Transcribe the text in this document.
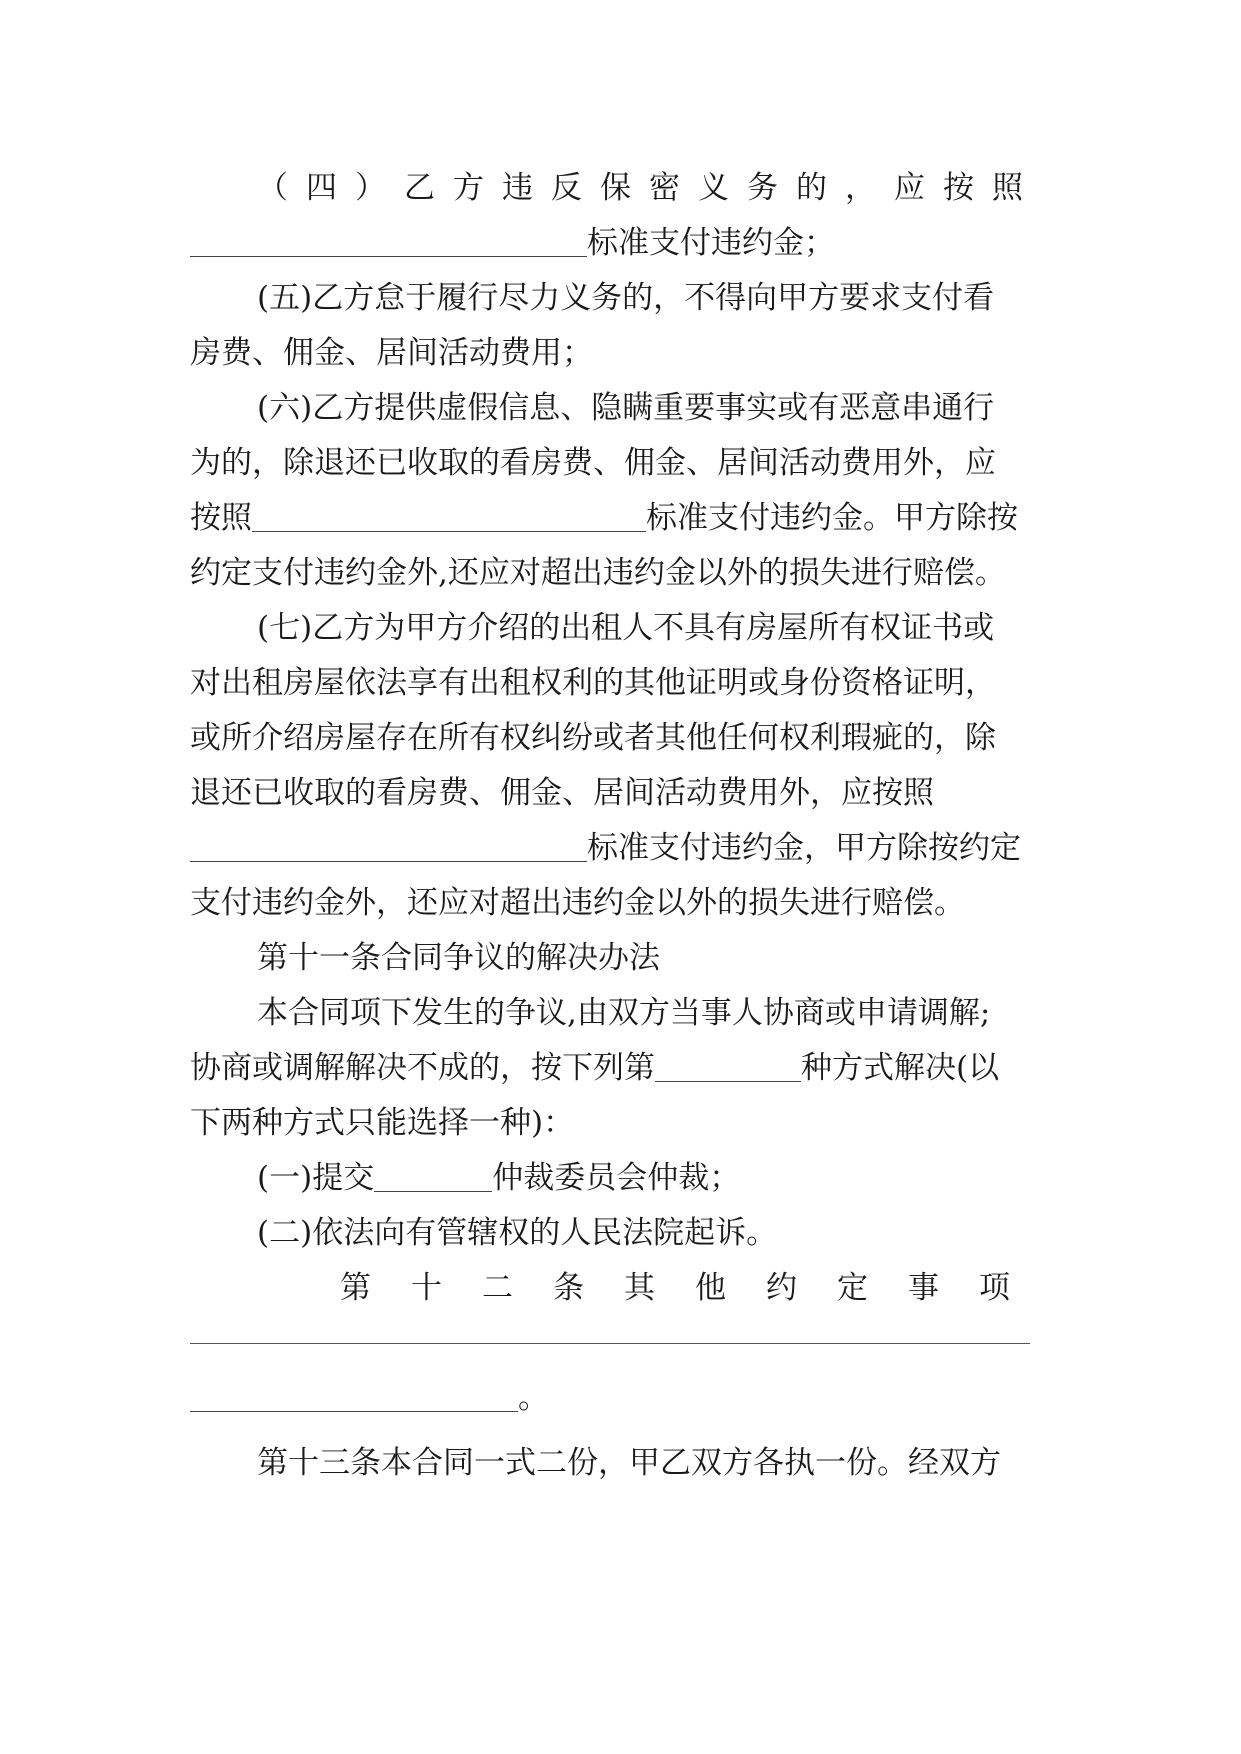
（四）乙方违反保密义务的，应按照
标准支付违约金；
(五)乙方怠于履行尽力义务的，不得向甲方要求支付看
房费、佣金、居间活动费用；
(六)乙方提供虚假信息、隐瞒重要事实或有恶意串通行
为的，除退还已收取的看房费、佣金、居间活动费用外，应
按照	标准支付违约金。甲方除按
约定支付违约金外,还应对超出违约金以外的损失进行赔偿。
(七)乙方为甲方介绍的出租人不具有房屋所有权证书或
对出租房屋依法享有出租权利的其他证明或身份资格证明，
或所介绍房屋存在所有权纠纷或者其他任何权利瑕疵的，除
退还已收取的看房费、佣金、居间活动费用外，应按照
标准支付违约金，甲方除按约定
支付违约金外，还应对超出违约金以外的损失进行赔偿。
第十一条合同争议的解决办法
本合同项下发生的争议,由双方当事人协商或申请调解;
协商或调解解决不成的，按下列第	种方式解决(以
下两种方式只能选择一种)：
(一)提交	仲裁委员会仲裁；
(二)依法向有管辖权的人民法院起诉。
第十二条其他约定事项
。
第十三条本合同一式二份，甲乙双方各执一份。经双方
